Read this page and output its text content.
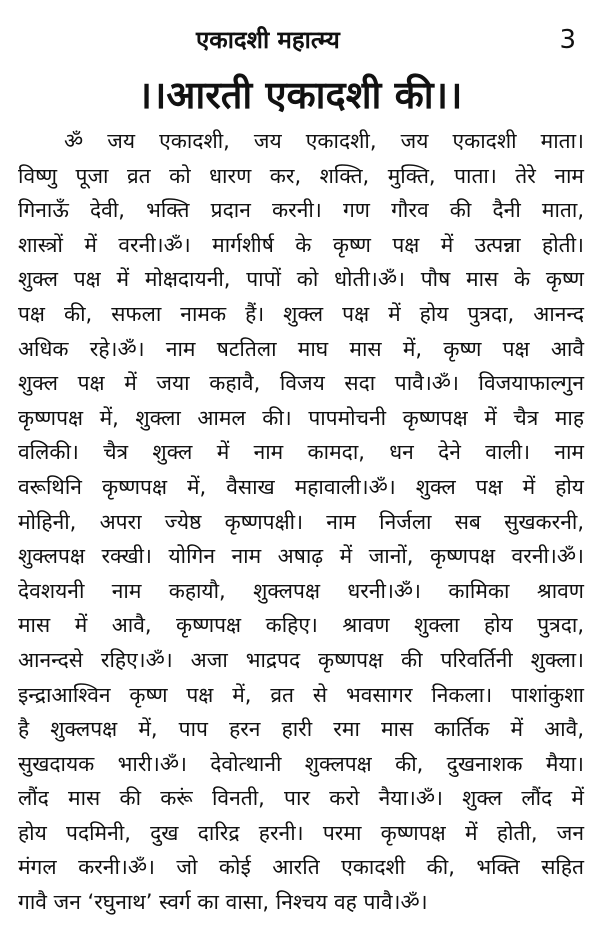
एकादशी महात्म्य	3
।।आरती एकादशी की।।
ॐ जय एकादशी, जय एकादशी, जय एकादशी माता।
विष्णु पूजा व्रत को धारण कर, शक्ति, मुक्ति, पाता। तेरे नाम
गिनाऊँ देवी, भक्ति प्रदान करनी। गण गौरव की दैनी माता,
शास्त्रों में वरनी।ॐ। मार्गशीर्ष के कृष्ण पक्ष में उत्पन्ना होती।
शुक्ल पक्ष में मोक्षदायनी, पापों को धोती।ॐ। पौष मास के कृष्ण
पक्ष की, सफला नामक हैं। शुक्ल पक्ष में होय पुत्रदा, आनन्द
अधिक रहे।ॐ। नाम षटतिला माघ मास में, कृष्ण पक्ष आवै
शुक्ल पक्ष में जया कहावै, विजय सदा पावै।ॐ। विजयाफाल्गुन
कृष्णपक्ष में, शुक्ला आमल की। पापमोचनी कृष्णपक्ष में चैत्र माह
वलिकी। चैत्र शुक्ल में नाम कामदा, धन देने वाली। नाम
वरूथिनि कृष्णपक्ष में, वैसाख महावाली।ॐ। शुक्ल पक्ष में होय
मोहिनी, अपरा ज्येष्ठ कृष्णपक्षी। नाम निर्जला सब सुखकरनी,
शुक्लपक्ष रक्खी। योगिन नाम अषाढ़ में जानों, कृष्णपक्ष वरनी।ॐ।
देवशयनी नाम कहायौ, शुक्लपक्ष धरनी।ॐ। कामिका श्रावण
मास में आवै, कृष्णपक्ष कहिए। श्रावण शुक्ला होय पुत्रदा,
आनन्दसे रहिए।ॐ। अजा भाद्रपद कृष्णपक्ष की परिवर्तिनी शुक्ला।
इन्द्राआश्विन कृष्ण पक्ष में, व्रत से भवसागर निकला। पाशांकुशा
है शुक्लपक्ष में, पाप हरन हारी रमा मास कार्तिक में आवै,
सुखदायक भारी।ॐ। देवोत्थानी शुक्लपक्ष की, दुखनाशक मैया।
लौंद मास की करूं विनती, पार करो नैया।ॐ। शुक्ल लौंद में
होय पदमिनी, दुख दारिद्र हरनी। परमा कृष्णपक्ष में होती, जन
मंगल करनी।ॐ। जो कोई आरति एकादशी की, भक्ति सहित
गावै जन ‘रघुनाथ’ स्वर्ग का वासा, निश्चय वह पावै।ॐ।
